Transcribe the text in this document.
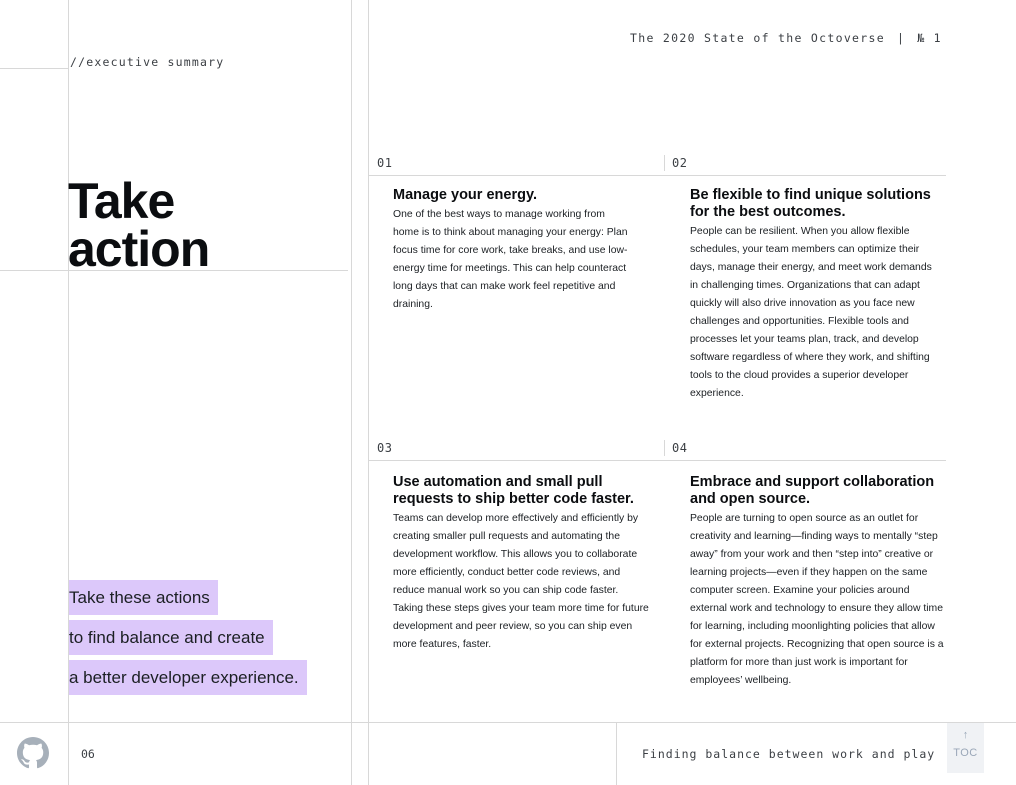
The 2020 State of the Octoverse | № 1
//executive summary
Take
action
Take these actions
to find balance and create
a better developer experience.
01	02
03	04
Manage your energy.

One of the best ways to manage working from home is to think about managing your energy: Plan focus time for core work, take breaks, and use low-energy time for meetings. This can help counteract long days that can make work feel repetitive and draining.

Be flexible to find unique solutions for the best outcomes.

People can be resilient. When you allow flexible schedules, your team members can optimize their days, manage their energy, and meet work demands in challenging times. Organizations that can adapt quickly will also drive innovation as you face new challenges and opportunities. Flexible tools and processes let your teams plan, track, and develop software regardless of where they work, and shifting tools to the cloud provides a superior developer experience.

Use automation and small pull requests to ship better code faster.

Teams can develop more effectively and efficiently by creating smaller pull requests and automating the development workflow. This allows you to collaborate more efficiently, conduct better code reviews, and reduce manual work so you can ship code faster. Taking these steps gives your team more time for future development and peer review, so you can ship even more features, faster.

Embrace and support collaboration and open source.

People are turning to open source as an outlet for creativity and learning—finding ways to mentally “step away” from your work and then “step into” creative or learning projects—even if they happen on the same computer screen. Examine your policies around external work and technology to ensure they allow time for learning, including moonlighting policies that allow for external projects. Recognizing that open source is a platform for more than just work is important for employees’ wellbeing.

06	Finding balance between work and play
↑
TOC
